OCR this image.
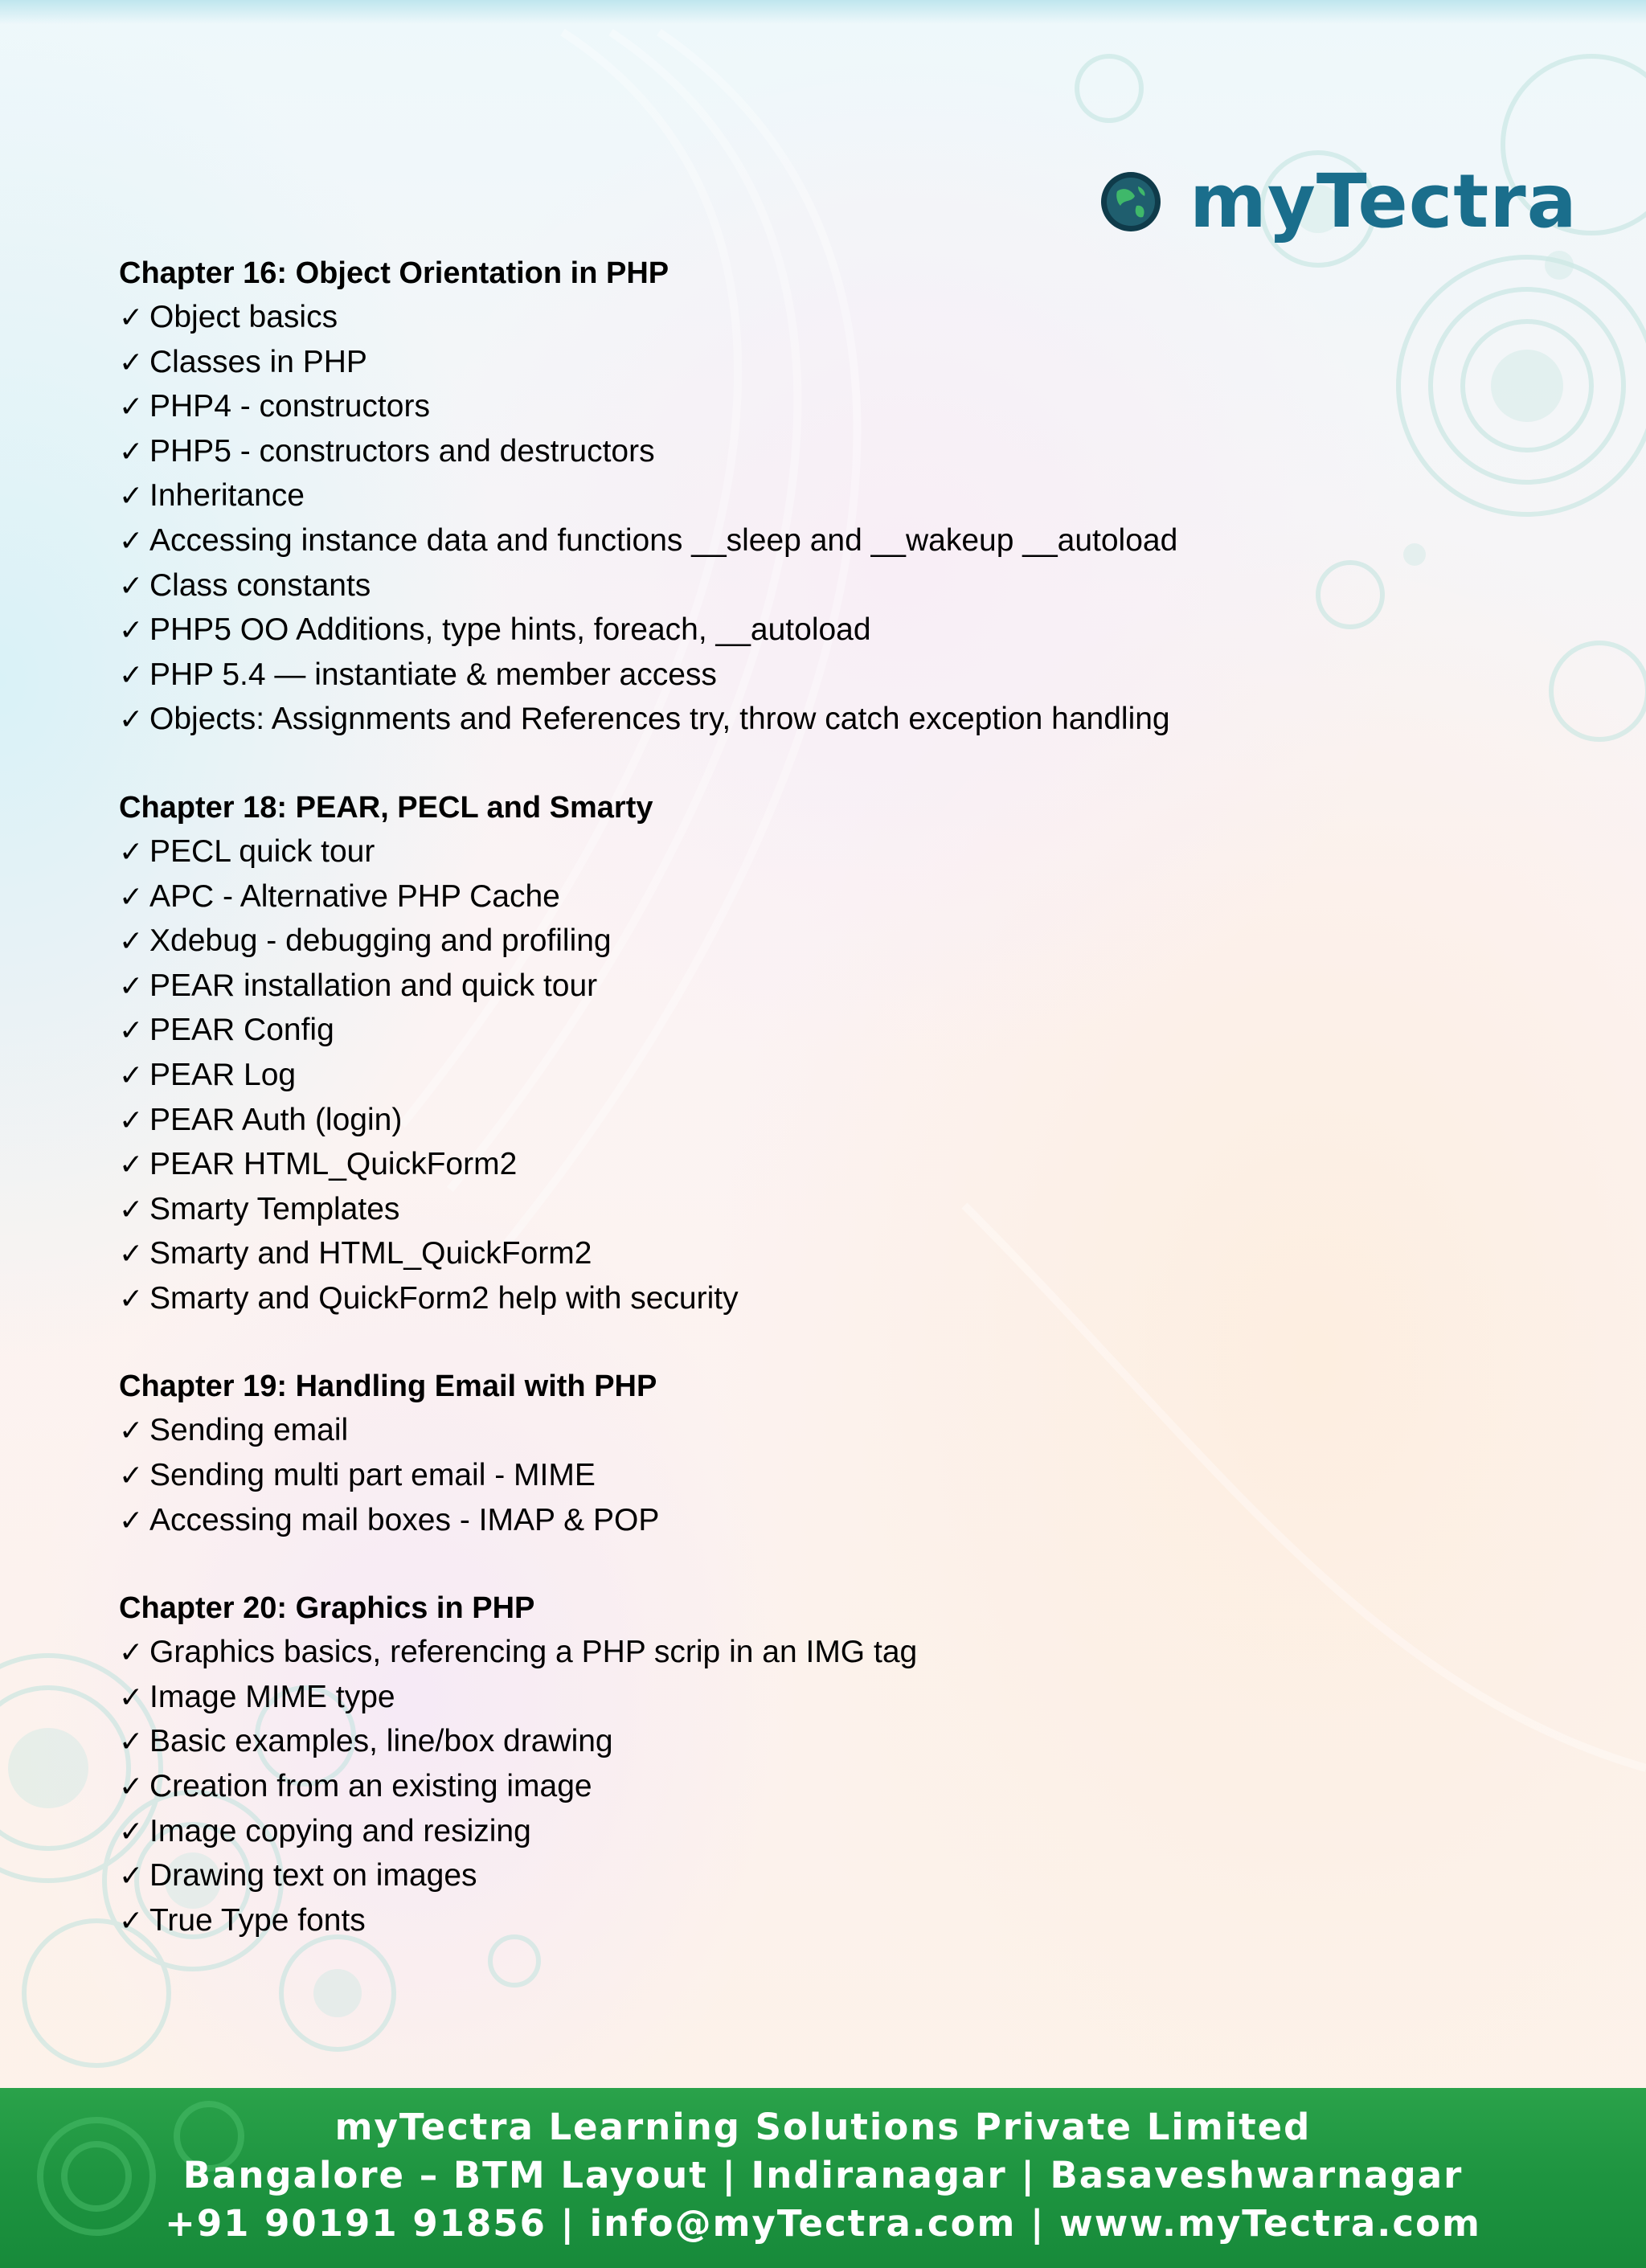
myTectra
Chapter 16: Object Orientation in PHP
✓ Object basics
✓ Classes in PHP
✓ PHP4 - constructors
✓ PHP5 - constructors and destructors
✓ Inheritance
✓ Accessing instance data and functions __sleep and __wakeup __autoload
✓ Class constants
✓ PHP5 OO Additions, type hints, foreach, __autoload
✓ PHP 5.4 — instantiate & member access
✓ Objects: Assignments and References try, throw catch exception handling
Chapter 18: PEAR, PECL and Smarty
✓ PECL quick tour
✓ APC - Alternative PHP Cache
✓ Xdebug - debugging and profiling
✓ PEAR installation and quick tour
✓ PEAR Config
✓ PEAR Log
✓ PEAR Auth (login)
✓ PEAR HTML_QuickForm2
✓ Smarty Templates
✓ Smarty and HTML_QuickForm2
✓ Smarty and QuickForm2 help with security
Chapter 19: Handling Email with PHP
✓ Sending email
✓ Sending multi part email - MIME
✓ Accessing mail boxes - IMAP & POP
Chapter 20: Graphics in PHP
✓ Graphics basics, referencing a PHP scrip in an IMG tag
✓ Image MIME type
✓ Basic examples, line/box drawing
✓ Creation from an existing image
✓ Image copying and resizing
✓ Drawing text on images
✓ True Type fonts
myTectra Learning Solutions Private Limited
Bangalore – BTM Layout | Indiranagar | Basaveshwarnagar
+91 90191 91856 | info@myTectra.com | www.myTectra.com
